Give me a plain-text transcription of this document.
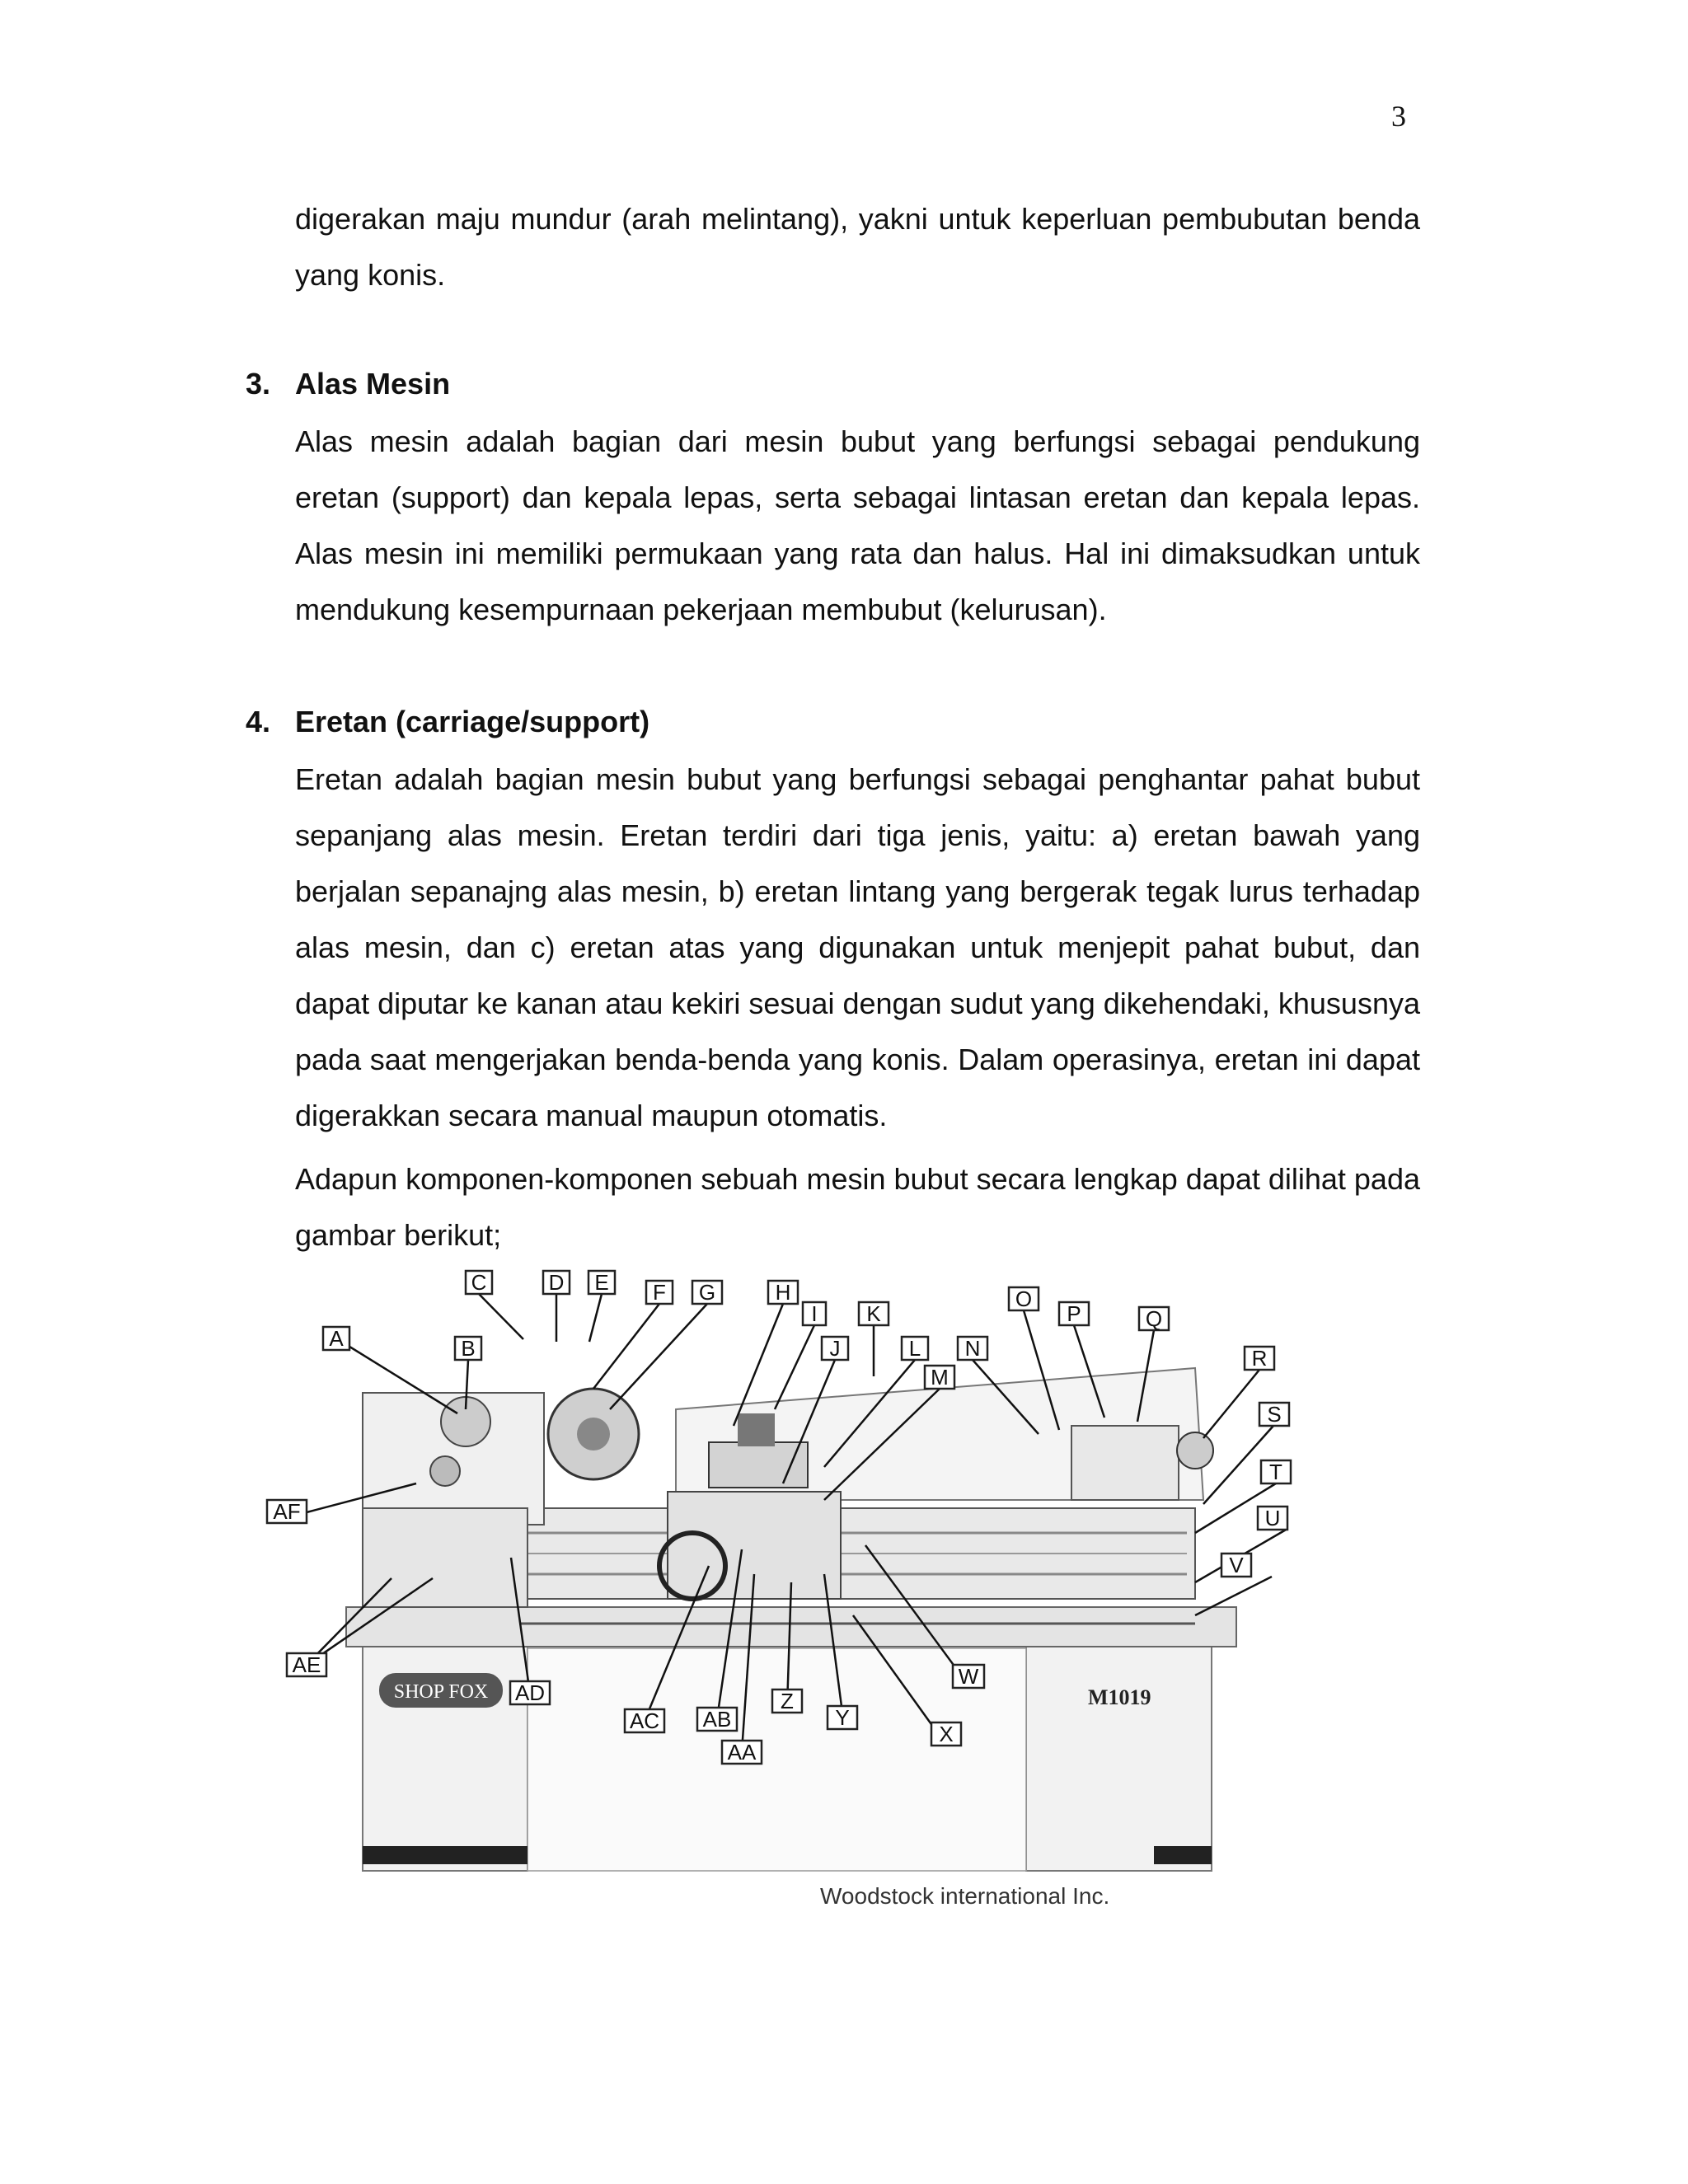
3
digerakan maju mundur (arah melintang), yakni untuk keperluan pembubutan benda yang konis.
3. Alas Mesin
Alas mesin adalah bagian dari mesin bubut yang berfungsi sebagai pendukung eretan (support) dan kepala lepas, serta sebagai lintasan eretan dan kepala lepas. Alas mesin ini memiliki permukaan yang rata dan halus. Hal ini dimaksudkan untuk mendukung kesempurnaan pekerjaan membubut (kelurusan).
4. Eretan (carriage/support)
Eretan adalah bagian mesin bubut yang berfungsi sebagai penghantar pahat bubut sepanjang alas mesin. Eretan terdiri dari tiga jenis, yaitu: a) eretan bawah yang berjalan sepanajng alas mesin, b) eretan lintang yang bergerak tegak lurus terhadap alas mesin, dan c) eretan atas yang digunakan untuk menjepit pahat bubut, dan dapat diputar ke kanan atau kekiri sesuai dengan sudut yang dikehendaki, khususnya pada saat mengerjakan benda-benda yang konis. Dalam operasinya, eretan ini dapat digerakkan secara manual maupun otomatis.
Adapun komponen-komponen sebuah mesin bubut secara lengkap dapat dilihat pada gambar berikut;
SHOP FOX	M1019
A	B
C	D E F G	H
I
J
K
L
M
N
O
P	Q
R
S
T
U
V
W
X
Y
Z
AA
AB
AC
AD
AE
AF
Woodstock international Inc.
